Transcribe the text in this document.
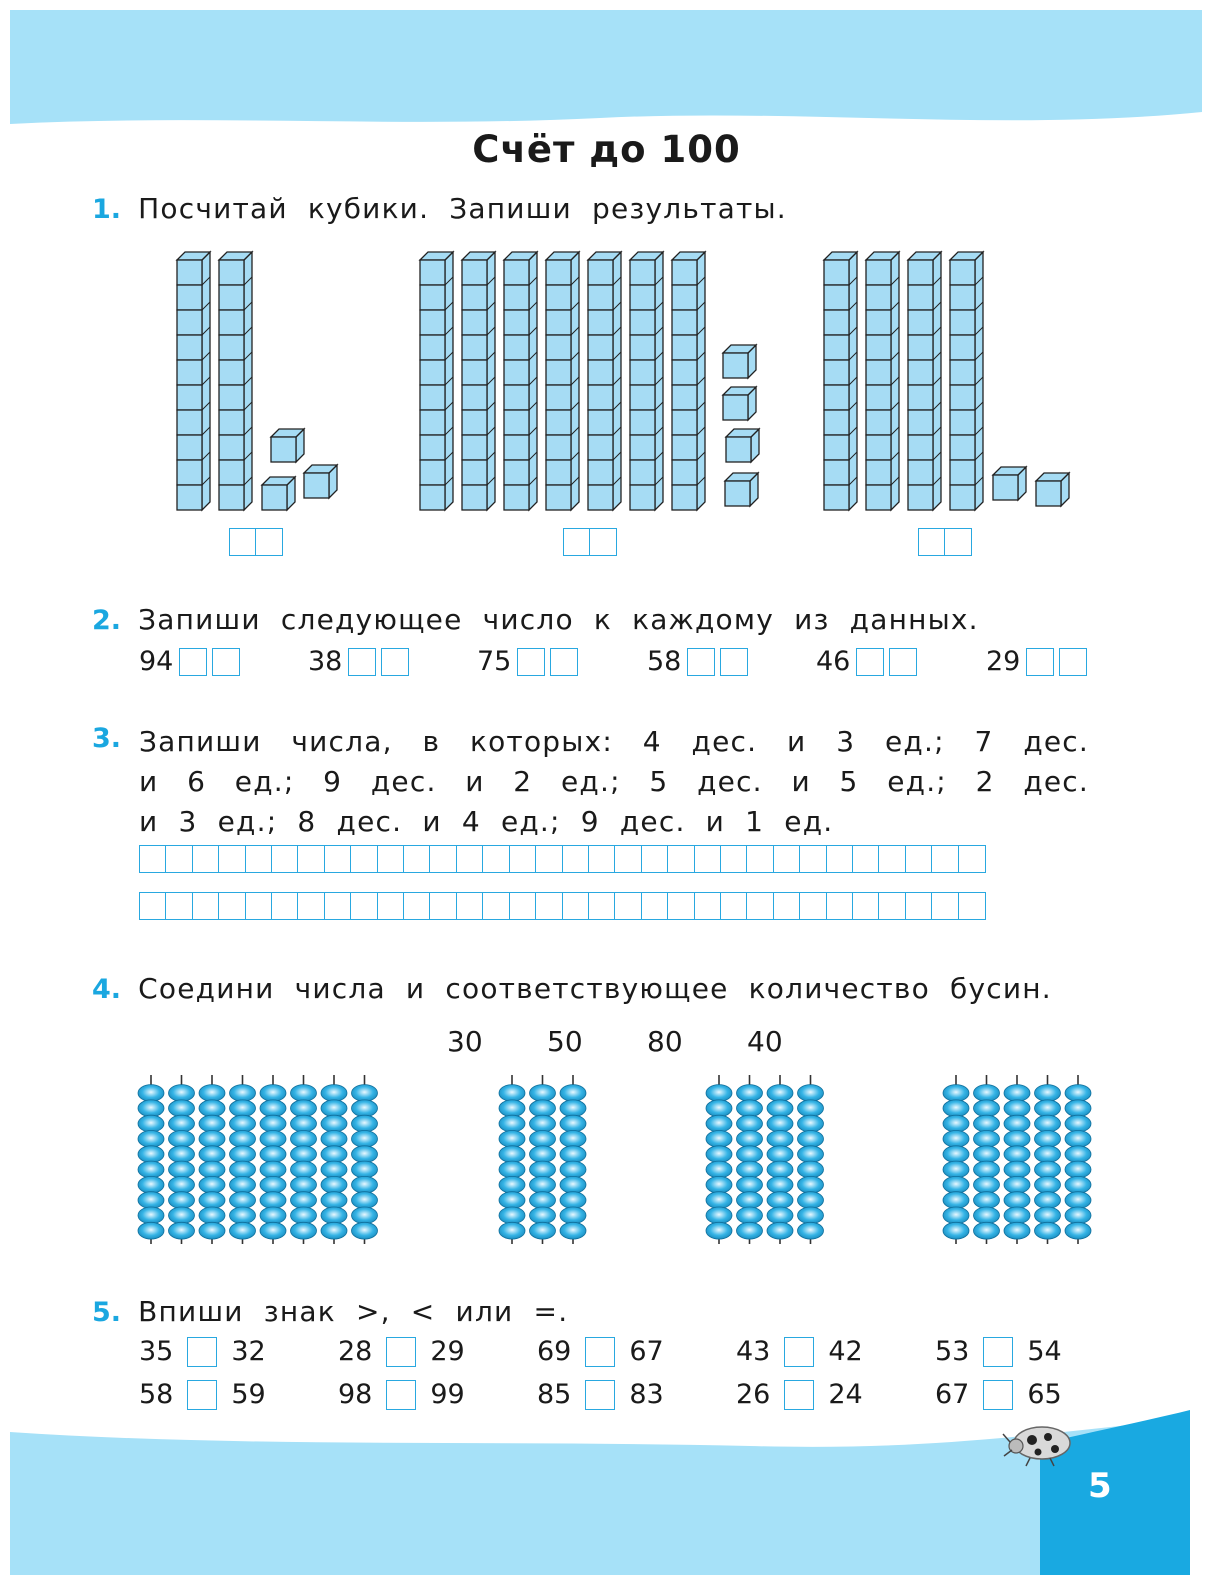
Счёт до 100
1. Посчитай кубики. Запиши результаты.
2. Запиши следующее число к каждому из данных.
94	38	75	58	46	29
3. Запиши числа, в которых: 4 дес. и 3 ед.; 7 дес.
и 6 ед.; 9 дес. и 2 ед.; 5 дес. и 5 ед.; 2 дес.
и 3 ед.; 8 дес. и 4 ед.; 9 дес. и 1 ед.
4. Соедини числа и соответствующее количество бусин.
30 50 80 40
5. Впиши знак >, < или =.
35 32	28 29	69 67	43 42	53 54
58 59	98 99	85 83	26 24	67 65
5
